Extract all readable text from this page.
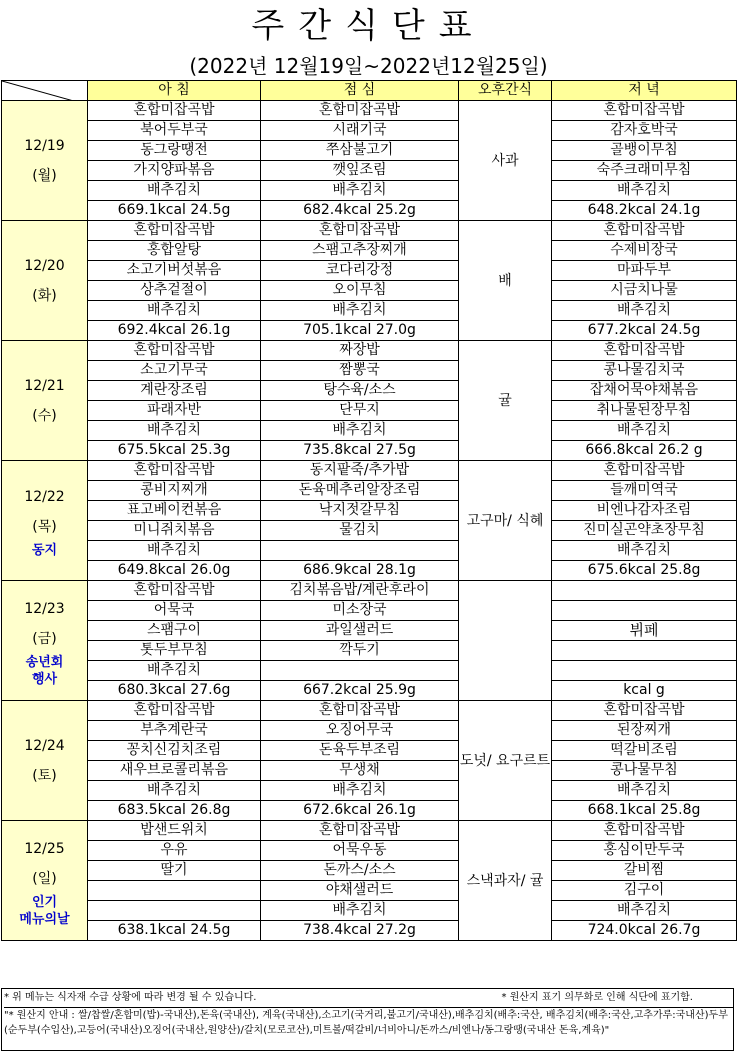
주간식단표
(2022년 12월19일~2022년12월25일)
	아 침	점 심	오후간식	저 녁

12/19
(월)	혼합미잡곡밥	혼합미잡곡밥	사과	혼합미잡곡밥
	북어두부국	시래기국		감자호박국
	동그랑땡전	쭈삼불고기		골뱅이무침
	가지양파볶음	깻잎조림		숙주크래미무침
	배추김치	배추김치		배추김치
	669.1kcal 24.5g	682.4kcal 25.2g		648.2kcal 24.1g

12/20
(화)	혼합미잡곡밥	혼합미잡곡밥	배	혼합미잡곡밥
	홍합알탕	스팸고추장찌개		수제비장국
	소고기버섯볶음	코다리강정		마파두부
	상추겉절이	오이무침		시금치나물
	배추김치	배추김치		배추김치
	692.4kcal 26.1g	705.1kcal 27.0g		677.2kcal 24.5g

12/21
(수)	혼합미잡곡밥	짜장밥	귤	혼합미잡곡밥
	소고기무국	짬뽕국		콩나물김치국
	계란장조림	탕수육/소스		잡채어묵야채볶음
	파래자반	단무지		취나물된장무침
	배추김치	배추김치		배추김치
	675.5kcal 25.3g	735.8kcal 27.5g		666.8kcal 26.2 g

12/22
(목)
동지	혼합미잡곡밥	동지팥죽/추가밥	고구마/ 식혜	혼합미잡곡밥
	콩비지찌개	돈육메추리알장조림		들깨미역국
	표고베이컨볶음	낙지젓갈무침		비엔나감자조림
	미니쥐치볶음	물김치		진미실곤약초장무침
	배추김치			배추김치
	649.8kcal 26.0g	686.9kcal 28.1g		675.6kcal 25.8g

12/23
(금)
송년회
행사	혼합미잡곡밥	김치볶음밥/계란후라이		
	어묵국	미소장국		
	스팸구이	과일샐러드		뷔페
	톳두부무침	깍두기		
	배추김치			
	680.3kcal 27.6g	667.2kcal 25.9g		kcal g

12/24
(토)	혼합미잡곡밥	혼합미잡곡밥	도넛/ 요구르트	혼합미잡곡밥
	부추계란국	오징어무국		된장찌개
	꽁치신김치조림	돈육두부조림		떡갈비조림
	새우브로콜리볶음	무생채		콩나물무침
	배추김치	배추김치		배추김치
	683.5kcal 26.8g	672.6kcal 26.1g		668.1kcal 25.8g

12/25
(일)
인기
메뉴의날	밥샌드위치	혼합미잡곡밥	스낵과자/ 귤	혼합미잡곡밥
	우유	어묵우동		홍심이만두국
	딸기	돈까스/소스		갈비찜
		야채샐러드		김구이
		배추김치		배추김치
	638.1kcal 24.5g	738.4kcal 27.2g		724.0kcal 26.7g
* 위 메뉴는 식자재 수급 상황에 따라 변경 될 수 있습니다.	* 원산지 표기 의무화로 인해 식단에 표기함.
"* 원산지 안내 : 쌀/찹쌀/혼합미(밥)-국내산),돈육(국내산), 계육(국내산),소고기(국거리,불고기/국내산),배추김치(배추:국산, 배추김치(배추:국산,고추가루:국내산)두부(순두부(수입산),고등어(국내산)오징어(국내산,원양산)/갈치(모로코산),미트볼/떡갈비/너비아니/돈까스/비엔나/동그랑땡(국내산 돈육,계육)"
